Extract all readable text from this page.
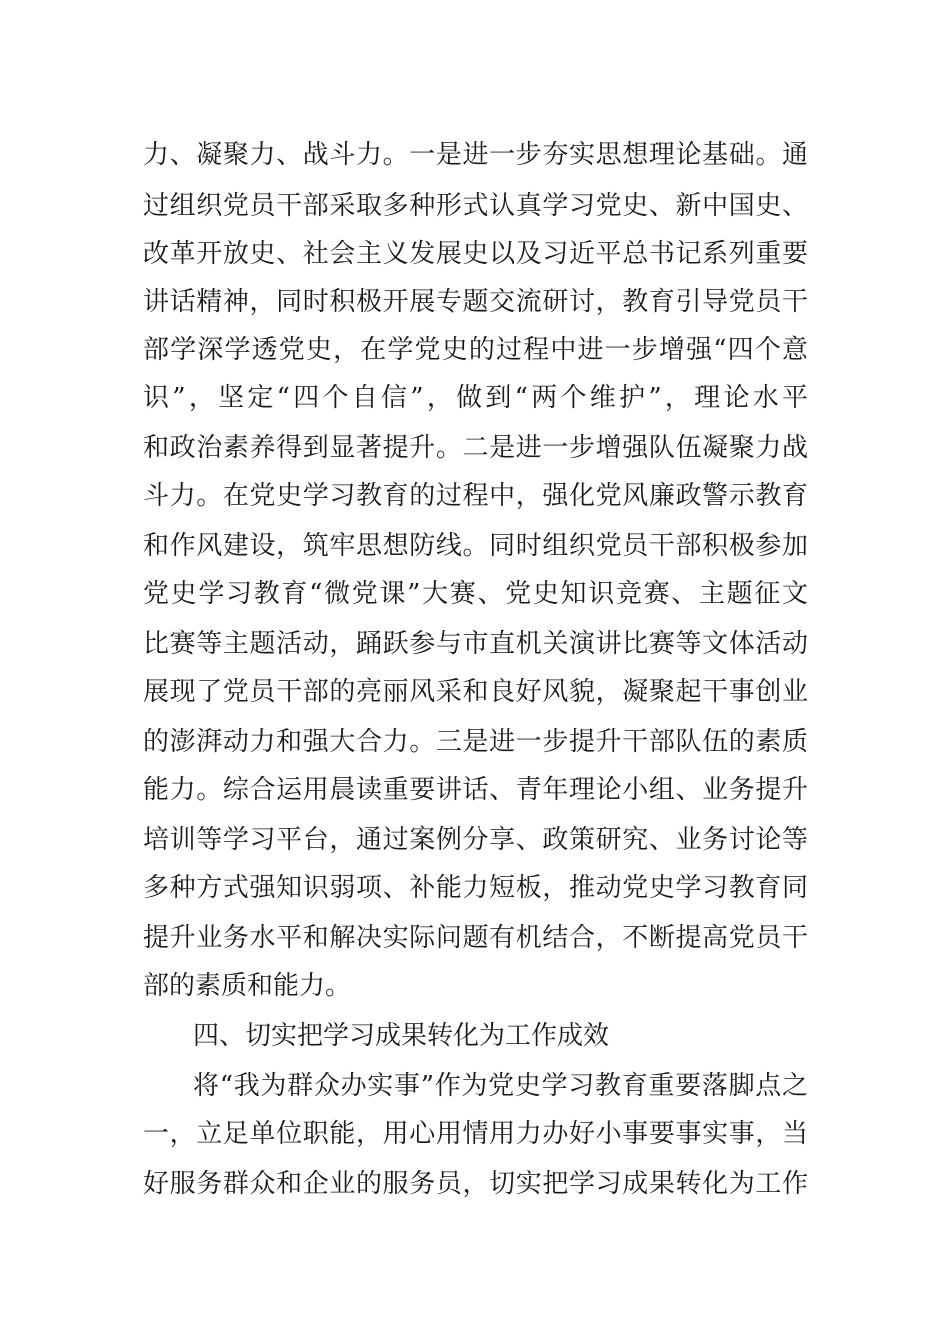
力、凝聚力、战斗力。一是进一步夯实思想理论基础。通
过组织党员干部采取多种形式认真学习党史、新中国史、
改革开放史、社会主义发展史以及习近平总书记系列重要
讲话精神，同时积极开展专题交流研讨，教育引导党员干
部学深学透党史，在学党史的过程中进一步增强“四个意
识”，坚定“四个自信”，做到“两个维护”，理论水平
和政治素养得到显著提升。二是进一步增强队伍凝聚力战
斗力。在党史学习教育的过程中，强化党风廉政警示教育
和作风建设，筑牢思想防线。同时组织党员干部积极参加
党史学习教育“微党课”大赛、党史知识竞赛、主题征文
比赛等主题活动，踊跃参与市直机关演讲比赛等文体活动
展现了党员干部的亮丽风采和良好风貌，凝聚起干事创业
的澎湃动力和强大合力。三是进一步提升干部队伍的素质
能力。综合运用晨读重要讲话、青年理论小组、业务提升
培训等学习平台，通过案例分享、政策研究、业务讨论等
多种方式强知识弱项、补能力短板，推动党史学习教育同
提升业务水平和解决实际问题有机结合，不断提高党员干
部的素质和能力。
四、切实把学习成果转化为工作成效
将“我为群众办实事”作为党史学习教育重要落脚点之
一，立足单位职能，用心用情用力办好小事要事实事，当
好服务群众和企业的服务员，切实把学习成果转化为工作
